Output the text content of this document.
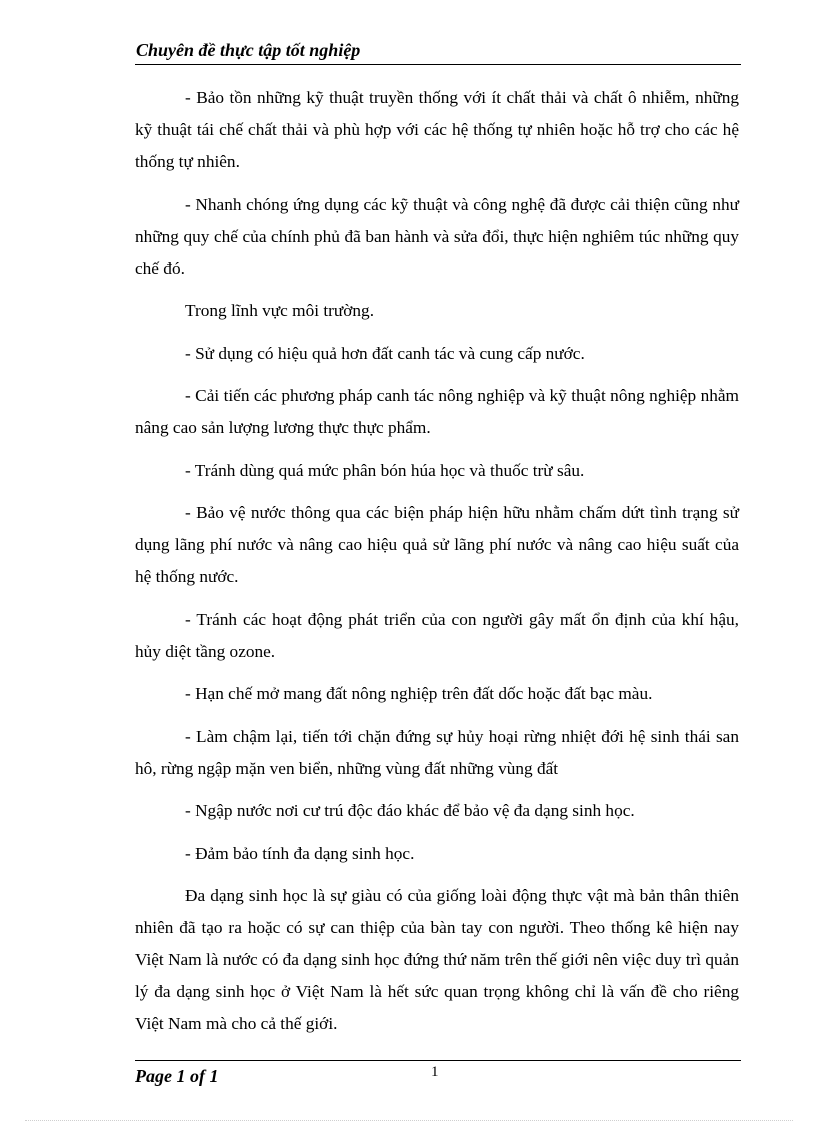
Chuyên đề thực tập tốt nghiệp

- Bảo tồn những kỹ thuật truyền thống với ít chất thải và chất ô nhiễm, những kỹ thuật tái chế chất thải và phù hợp với các hệ thống tự nhiên hoặc hỗ trợ cho các hệ thống tự nhiên.

- Nhanh chóng ứng dụng các kỹ thuật và công nghệ đã được cải thiện cũng như những quy chế của chính phủ đã ban hành và sửa đổi, thực hiện nghiêm túc những quy chế đó.

Trong lĩnh vực môi trường.

- Sử dụng có hiệu quả hơn đất canh tác và cung cấp nước.

- Cải tiến các phương pháp canh tác nông nghiệp và kỹ thuật nông nghiệp nhằm nâng cao sản lượng lương thực thực phẩm.

- Tránh dùng quá mức phân bón húa học và thuốc trừ sâu.

- Bảo vệ nước thông qua các biện pháp hiện hữu nhằm chấm dứt tình trạng sử dụng lãng phí nước và nâng cao hiệu quả sử lãng phí nước và nâng cao hiệu suất của hệ thống nước.

- Tránh các hoạt động phát triển của con người gây mất ổn định của khí hậu, hủy diệt tầng ozone.

- Hạn chế mở mang đất nông nghiệp trên đất dốc hoặc đất bạc màu.

- Làm chậm lại, tiến tới chặn đứng sự hủy hoại rừng nhiệt đới hệ sinh thái san hô, rừng ngập mặn ven biển, những vùng đất những vùng đất

- Ngập nước nơi cư trú độc đáo khác để bảo vệ đa dạng sinh học.

- Đảm bảo tính đa dạng sinh học.

Đa dạng sinh học là sự giàu có của giống loài động thực vật mà bản thân thiên nhiên đã tạo ra hoặc có sự can thiệp của bàn tay con người. Theo thống kê hiện nay Việt Nam là nước có đa dạng sinh học đứng thứ năm trên thế giới nên việc duy trì quản lý đa dạng sinh học ở Việt Nam là hết sức quan trọng không chỉ là vấn đề cho riêng Việt Nam mà cho cả thế giới.

Page 1 of 1	1
